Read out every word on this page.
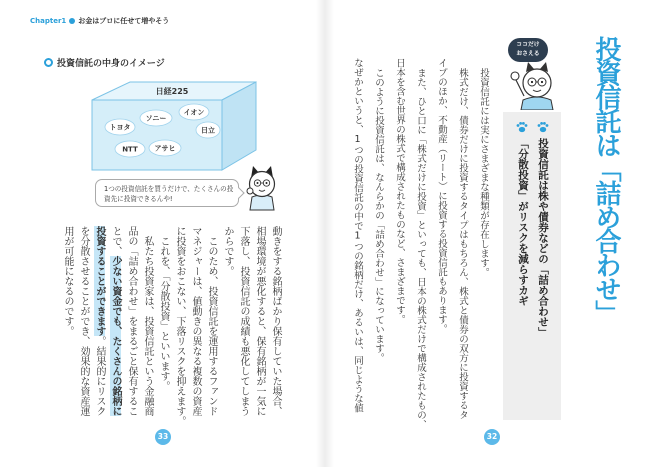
Chapter1 お金はプロに任せて増やそう
投資信託の中身のイメージ
日経225
トヨタ
ソニー
イオン
日立
NTT アサヒ
1つの投資信託を買うだけで、たくさんの投
資先に投資できるんや!
動きをする銘柄ばかり保有していた場合、
相場環境が悪化すると、保有銘柄が一気に
下落し、投資信託の成績も悪化してしまう
からです。
このため、投資信託を運用するファンド
マネジャーは、値動きの異なる複数の資産
に投資をおこない、下落リスクを抑えます。
これを、「分散投資」といいます。
私たち投資家は、投資信託という金融商
品の「詰め合わせ」をまるごと保有するこ
とで、少ない資金でも、たくさんの銘柄に
投資することができます。結果的にリスク
を分散させることができ、効果的な資産運
用が可能になるのです。
33
投資信託は「詰め合わせ」
ココだけ
おさえる
投資信託は株や債券などの「詰め合わせ」
「分散投資」がリスクを減らすカギ
投資信託には実にさまざまな種類が存在します。
株式だけ、債券だけに投資するタイプはもちろん、株式と債券の双方に投資するタ
イプのほか、不動産（リート）に投資する投資信託もあります。
また、ひと口に「株式だけに投資」といっても、日本の株式だけで構成されたもの、
日本を含む世界の株式で構成されたものなど、さまざまです。
このように投資信託は、なんらかの「詰め合わせ」になっています。
なぜかというと、1つの投資信託の中で1つの銘柄だけ、あるいは、同じような値
32
